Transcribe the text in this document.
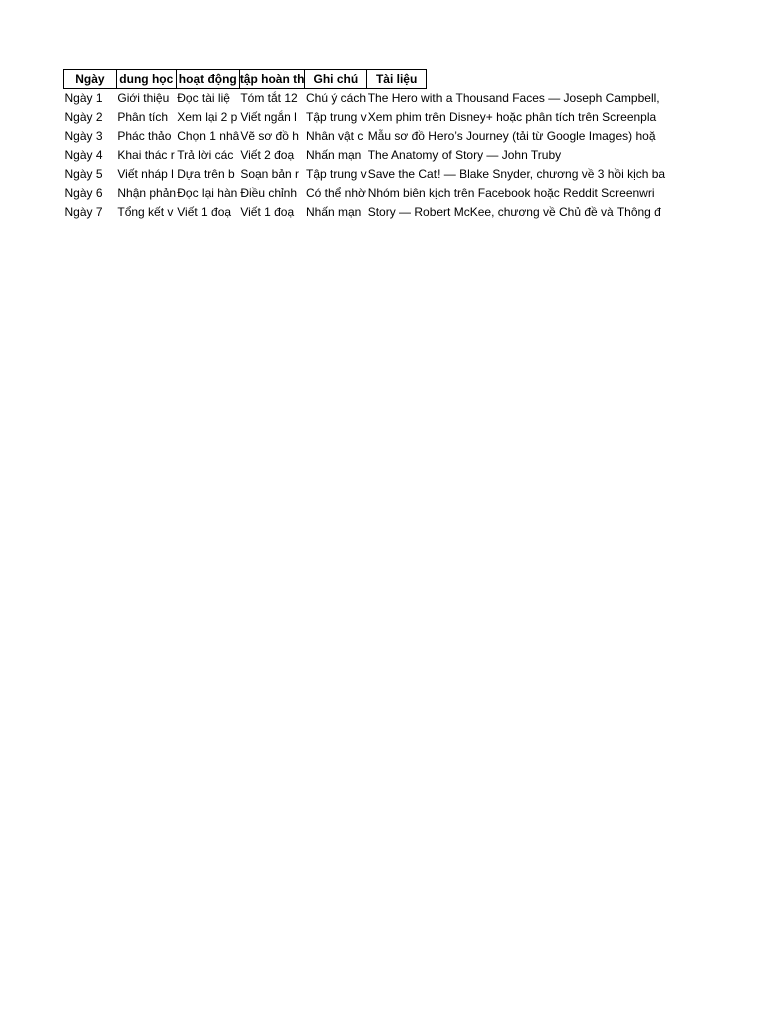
Ngày	dung học	hoạt động	tập hoàn th	Ghi chú	Tài liệu	
Ngày 1	Giới thiệu	Đọc tài liệ	Tóm tắt 12	Chú ý cách	The Hero with a Thousand Faces — Joseph Campbell,	
Ngày 2	Phân tích	Xem lại 2 p	Viết ngắn l	Tập trung v	Xem phim trên Disney+ hoặc phân tích trên Screenpla	
Ngày 3	Phác thảo	Chọn 1 nhâ	Vẽ sơ đồ h	Nhân vật c	Mẫu sơ đồ Hero’s Journey (tải từ Google Images) hoặ	
Ngày 4	Khai thác r	Trả lời các	Viết 2 đoạ	Nhấn mạn	The Anatomy of Story — John Truby	
Ngày 5	Viết nháp l	Dựa trên b	Soạn bản r	Tập trung v	Save the Cat! — Blake Snyder, chương về 3 hồi kịch ba	
Ngày 6	Nhận phản	Đọc lại hàn	Điều chỉnh	Có thể nhờ	Nhóm biên kịch trên Facebook hoặc Reddit Screenwri	
Ngày 7	Tổng kết v	Viết 1 đoạ	Viết 1 đoạ	Nhấn mạn	Story — Robert McKee, chương về Chủ đề và Thông đ	
